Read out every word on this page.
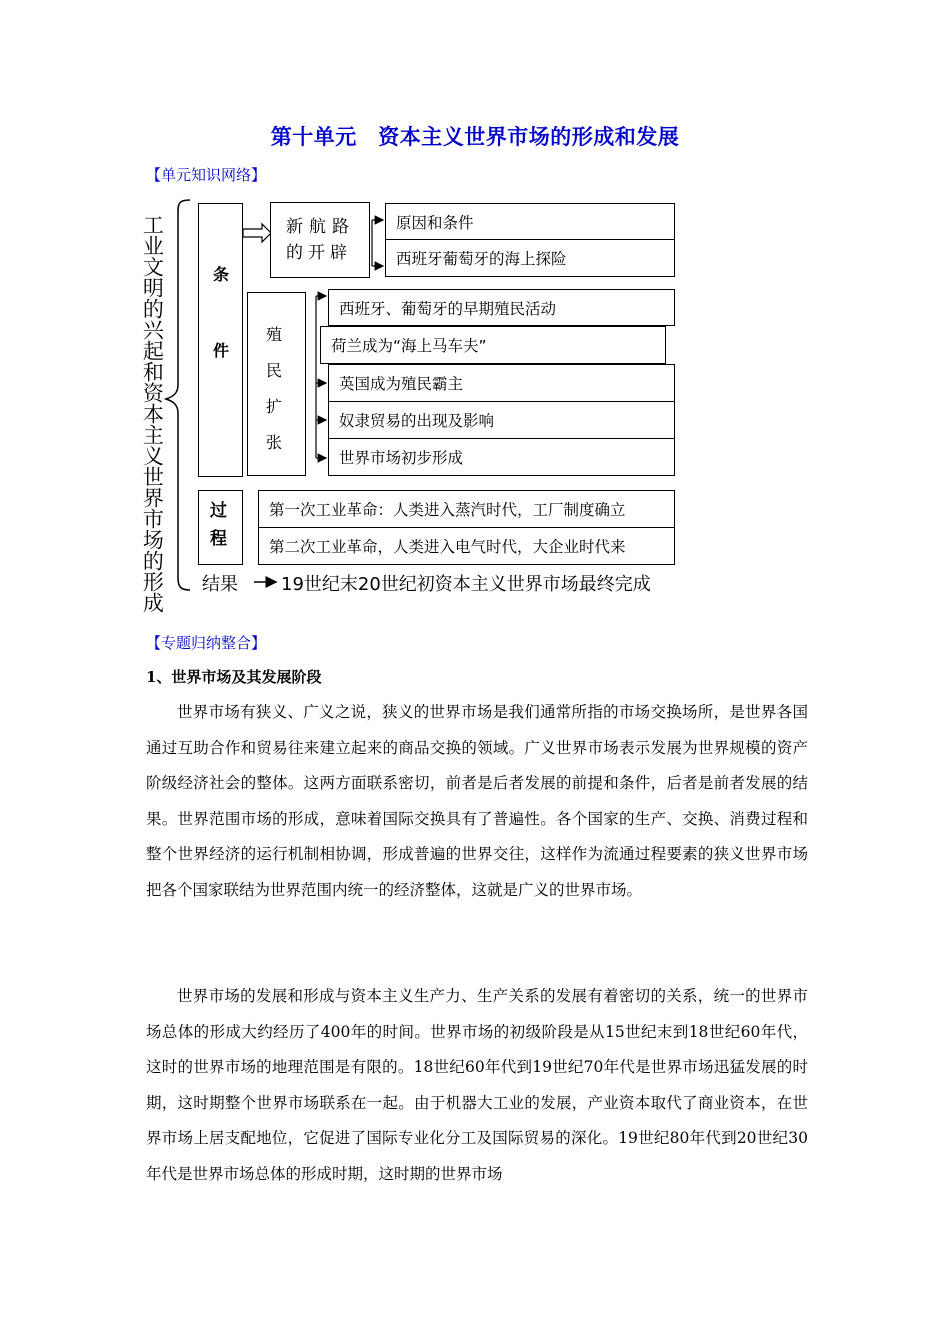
第十单元　资本主义世界市场的形成和发展
【单元知识网络】
工业文明的兴起和资本主义世界市场的形成	条件
新航路的开辟
原因和条件
西班牙葡萄牙的海上探险
殖民扩张
西班牙、葡萄牙的早期殖民活动
荷兰成为“海上马车夫”
英国成为殖民霸主
奴隶贸易的出现及影响
世界市场初步形成
过程
第一次工业革命：人类进入蒸汽时代，工厂制度确立
第二次工业革命，人类进入电气时代，大企业时代来
结果 19世纪末20世纪初资本主义世界市场最终完成
【专题归纳整合】
1、世界市场及其发展阶段
世界市场有狭义、广义之说，狭义的世界市场是我们通常所指的市场交换场所，是世界各国通过互助合作和贸易往来建立起来的商品交换的领域。广义世界市场表示发展为世界规模的资产阶级经济社会的整体。这两方面联系密切，前者是后者发展的前提和条件，后者是前者发展的结果。世界范围市场的形成，意味着国际交换具有了普遍性。各个国家的生产、交换、消费过程和整个世界经济的运行机制相协调，形成普遍的世界交往，这样作为流通过程要素的狭义世界市场把各个国家联结为世界范围内统一的经济整体，这就是广义的世界市场。
世界市场的发展和形成与资本主义生产力、生产关系的发展有着密切的关系，统一的世界市场总体的形成大约经历了400年的时间。世界市场的初级阶段是从15世纪末到18世纪60年代，这时的世界市场的地理范围是有限的。18世纪60年代到19世纪70年代是世界市场迅猛发展的时期，这时期整个世界市场联系在一起。由于机器大工业的发展，产业资本取代了商业资本，在世界市场上居支配地位，它促进了国际专业化分工及国际贸易的深化。19世纪80年代到20世纪30年代是世界市场总体的形成时期，这时期的世界市场
